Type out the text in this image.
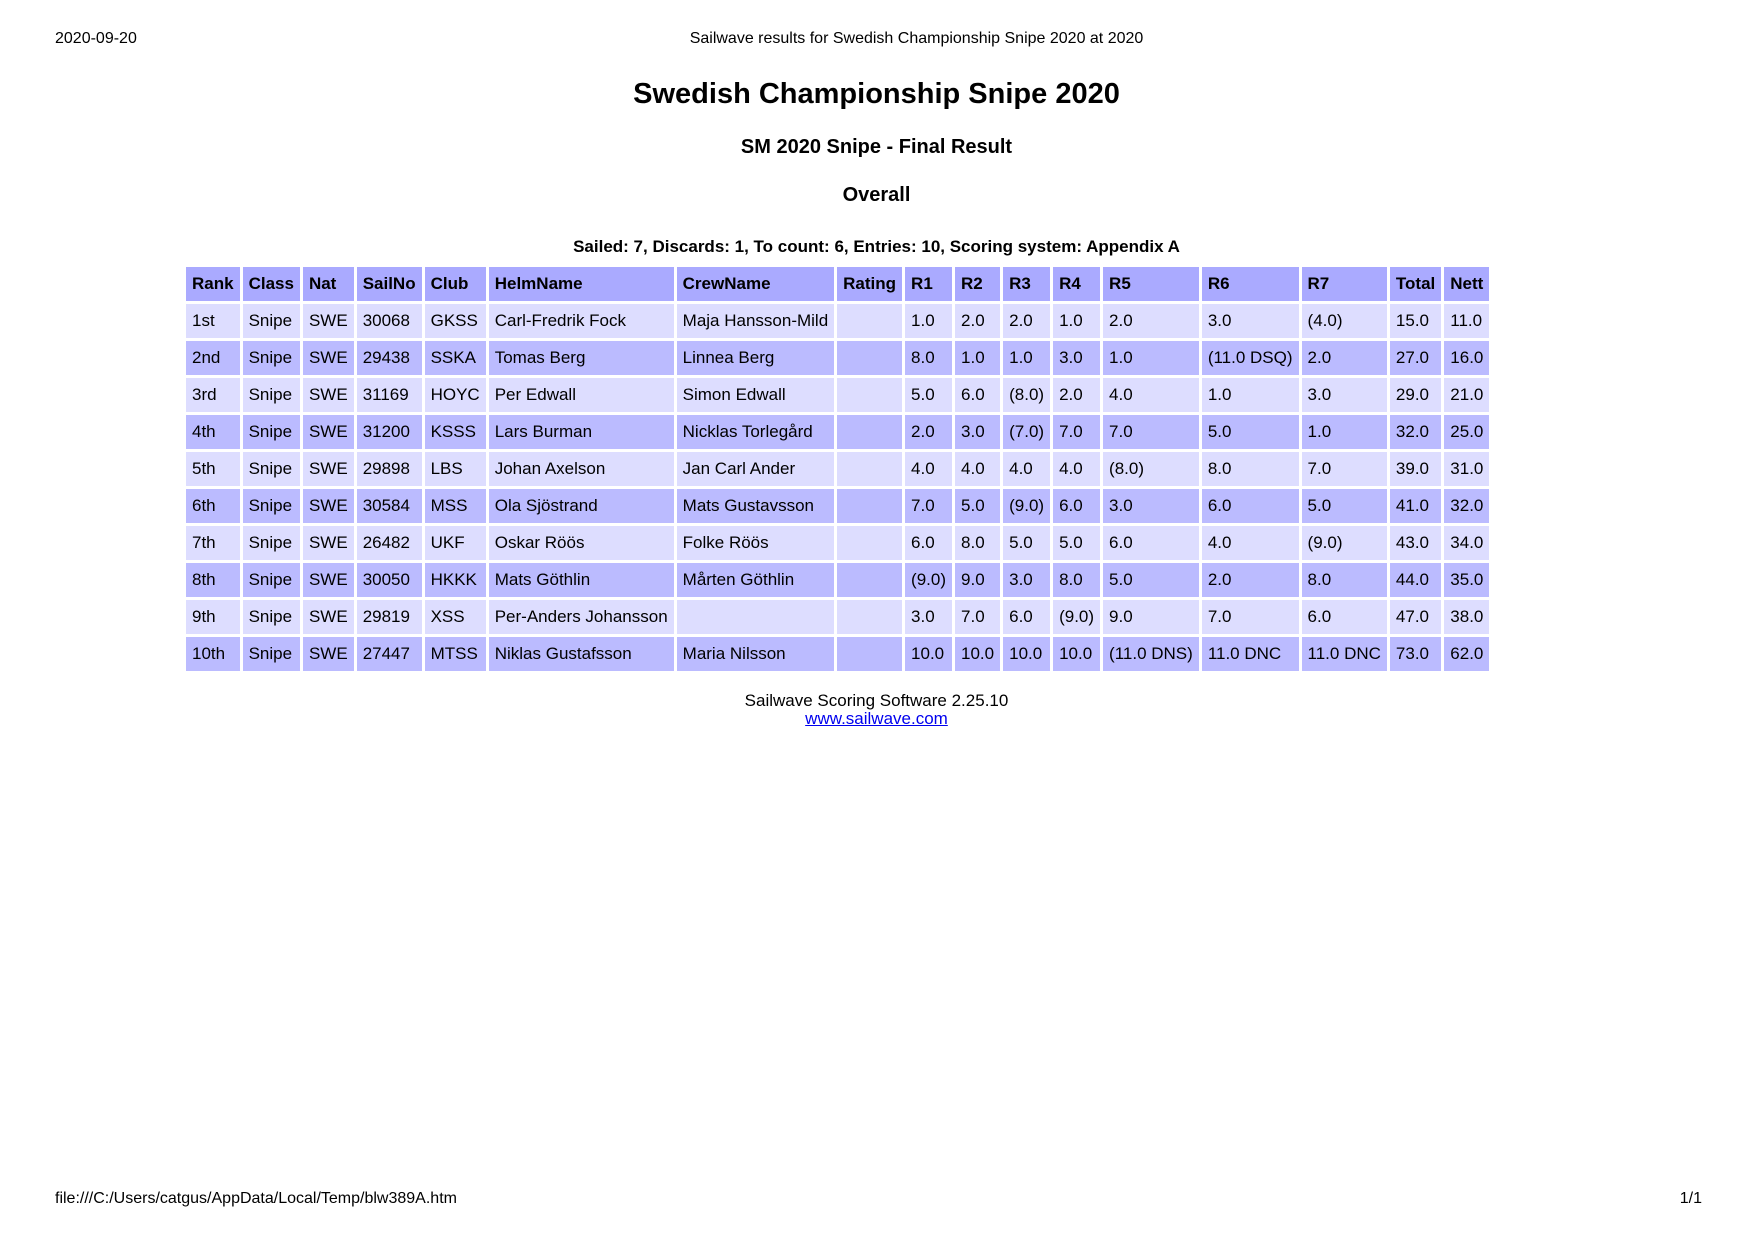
2020-09-20	Sailwave results for Swedish Championship Snipe 2020 at 2020
Swedish Championship Snipe 2020
SM 2020 Snipe - Final Result
Overall
Sailed: 7, Discards: 1, To count: 6, Entries: 10, Scoring system: Appendix A
Rank	Class	Nat	SailNo	Club	HelmName	CrewName	Rating	R1	R2	R3	R4	R5	R6	R7	Total	Nett
1st	Snipe	SWE	30068	GKSS	Carl-Fredrik Fock	Maja Hansson-Mild		1.0	2.0	2.0	1.0	2.0	3.0	(4.0)	15.0	11.0
2nd	Snipe	SWE	29438	SSKA	Tomas Berg	Linnea Berg		8.0	1.0	1.0	3.0	1.0	(11.0 DSQ)	2.0	27.0	16.0
3rd	Snipe	SWE	31169	HOYC	Per Edwall	Simon Edwall		5.0	6.0	(8.0)	2.0	4.0	1.0	3.0	29.0	21.0
4th	Snipe	SWE	31200	KSSS	Lars Burman	Nicklas Torlegård		2.0	3.0	(7.0)	7.0	7.0	5.0	1.0	32.0	25.0
5th	Snipe	SWE	29898	LBS	Johan Axelson	Jan Carl Ander		4.0	4.0	4.0	4.0	(8.0)	8.0	7.0	39.0	31.0
6th	Snipe	SWE	30584	MSS	Ola Sjöstrand	Mats Gustavsson		7.0	5.0	(9.0)	6.0	3.0	6.0	5.0	41.0	32.0
7th	Snipe	SWE	26482	UKF	Oskar Röös	Folke Röös		6.0	8.0	5.0	5.0	6.0	4.0	(9.0)	43.0	34.0
8th	Snipe	SWE	30050	HKKK	Mats Göthlin	Mårten Göthlin		(9.0)	9.0	3.0	8.0	5.0	2.0	8.0	44.0	35.0
9th	Snipe	SWE	29819	XSS	Per-Anders Johansson			3.0	7.0	6.0	(9.0)	9.0	7.0	6.0	47.0	38.0
10th	Snipe	SWE	27447	MTSS	Niklas Gustafsson	Maria Nilsson		10.0	10.0	10.0	10.0	(11.0 DNS)	11.0 DNC	11.0 DNC	73.0	62.0
Sailwave Scoring Software 2.25.10
www.sailwave.com
file:///C:/Users/catgus/AppData/Local/Temp/blw389A.htm	1/1
